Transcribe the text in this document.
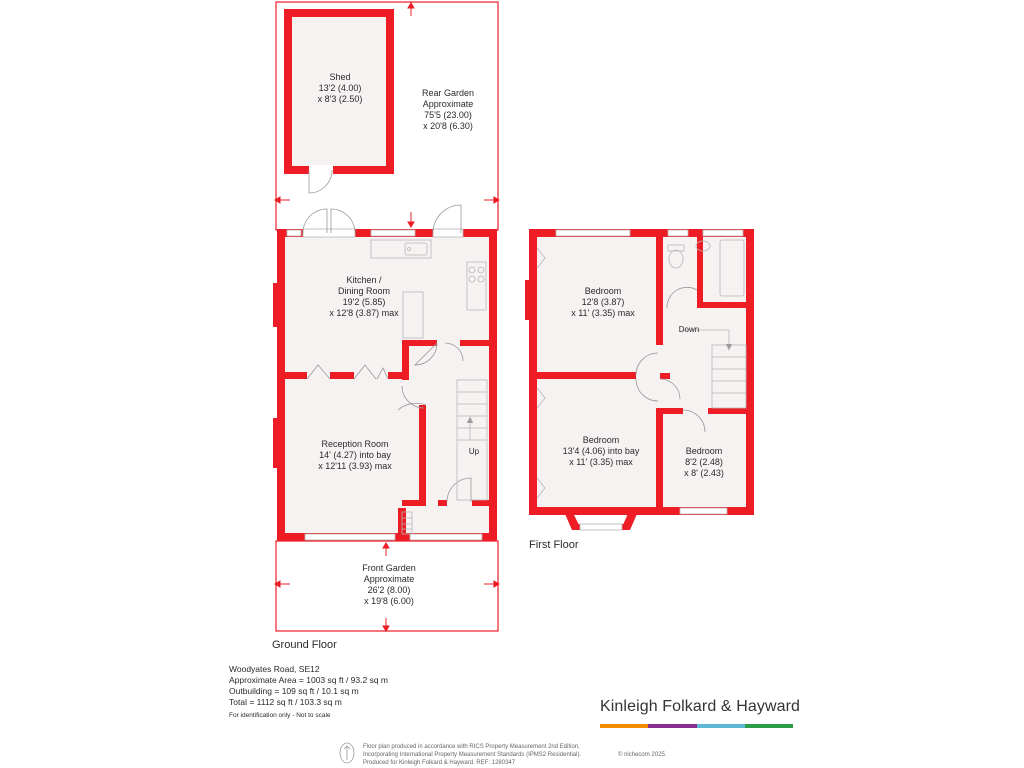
Shed
13'2 (4.00)
x 8'3 (2.50)
Rear Garden
Approximate
75'5 (23.00)
x 20'8 (6.30)
Kitchen /
Dining Room
19'2 (5.85)
x 12'8 (3.87) max
Reception Room
14' (4.27) into bay
x 12'11 (3.93) max
Up
Front Garden
Approximate
26'2 (8.00)
x 19'8 (6.00)
Ground Floor
Bedroom
12'8 (3.87)
x 11' (3.35) max
Bedroom
13'4 (4.06) into bay
x 11' (3.35) max
Bedroom
8'2 (2.48)
x 8' (2.43)
Down
First Floor
Woodyates Road, SE12
Approximate Area = 1003 sq ft / 93.2 sq m
Outbuilding = 109 sq ft / 10.1 sq m
Total = 1112 sq ft / 103.3 sq m
For identification only - Not to scale
Kinleigh Folkard & Hayward
Floor plan produced in accordance with RICS Property Measurement 2nd Edition,
Incorporating International Property Measurement Standards (IPMS2 Residential).
Produced for Kinleigh Folkard & Hayward. REF: 1280347
© nichecom 2025.
